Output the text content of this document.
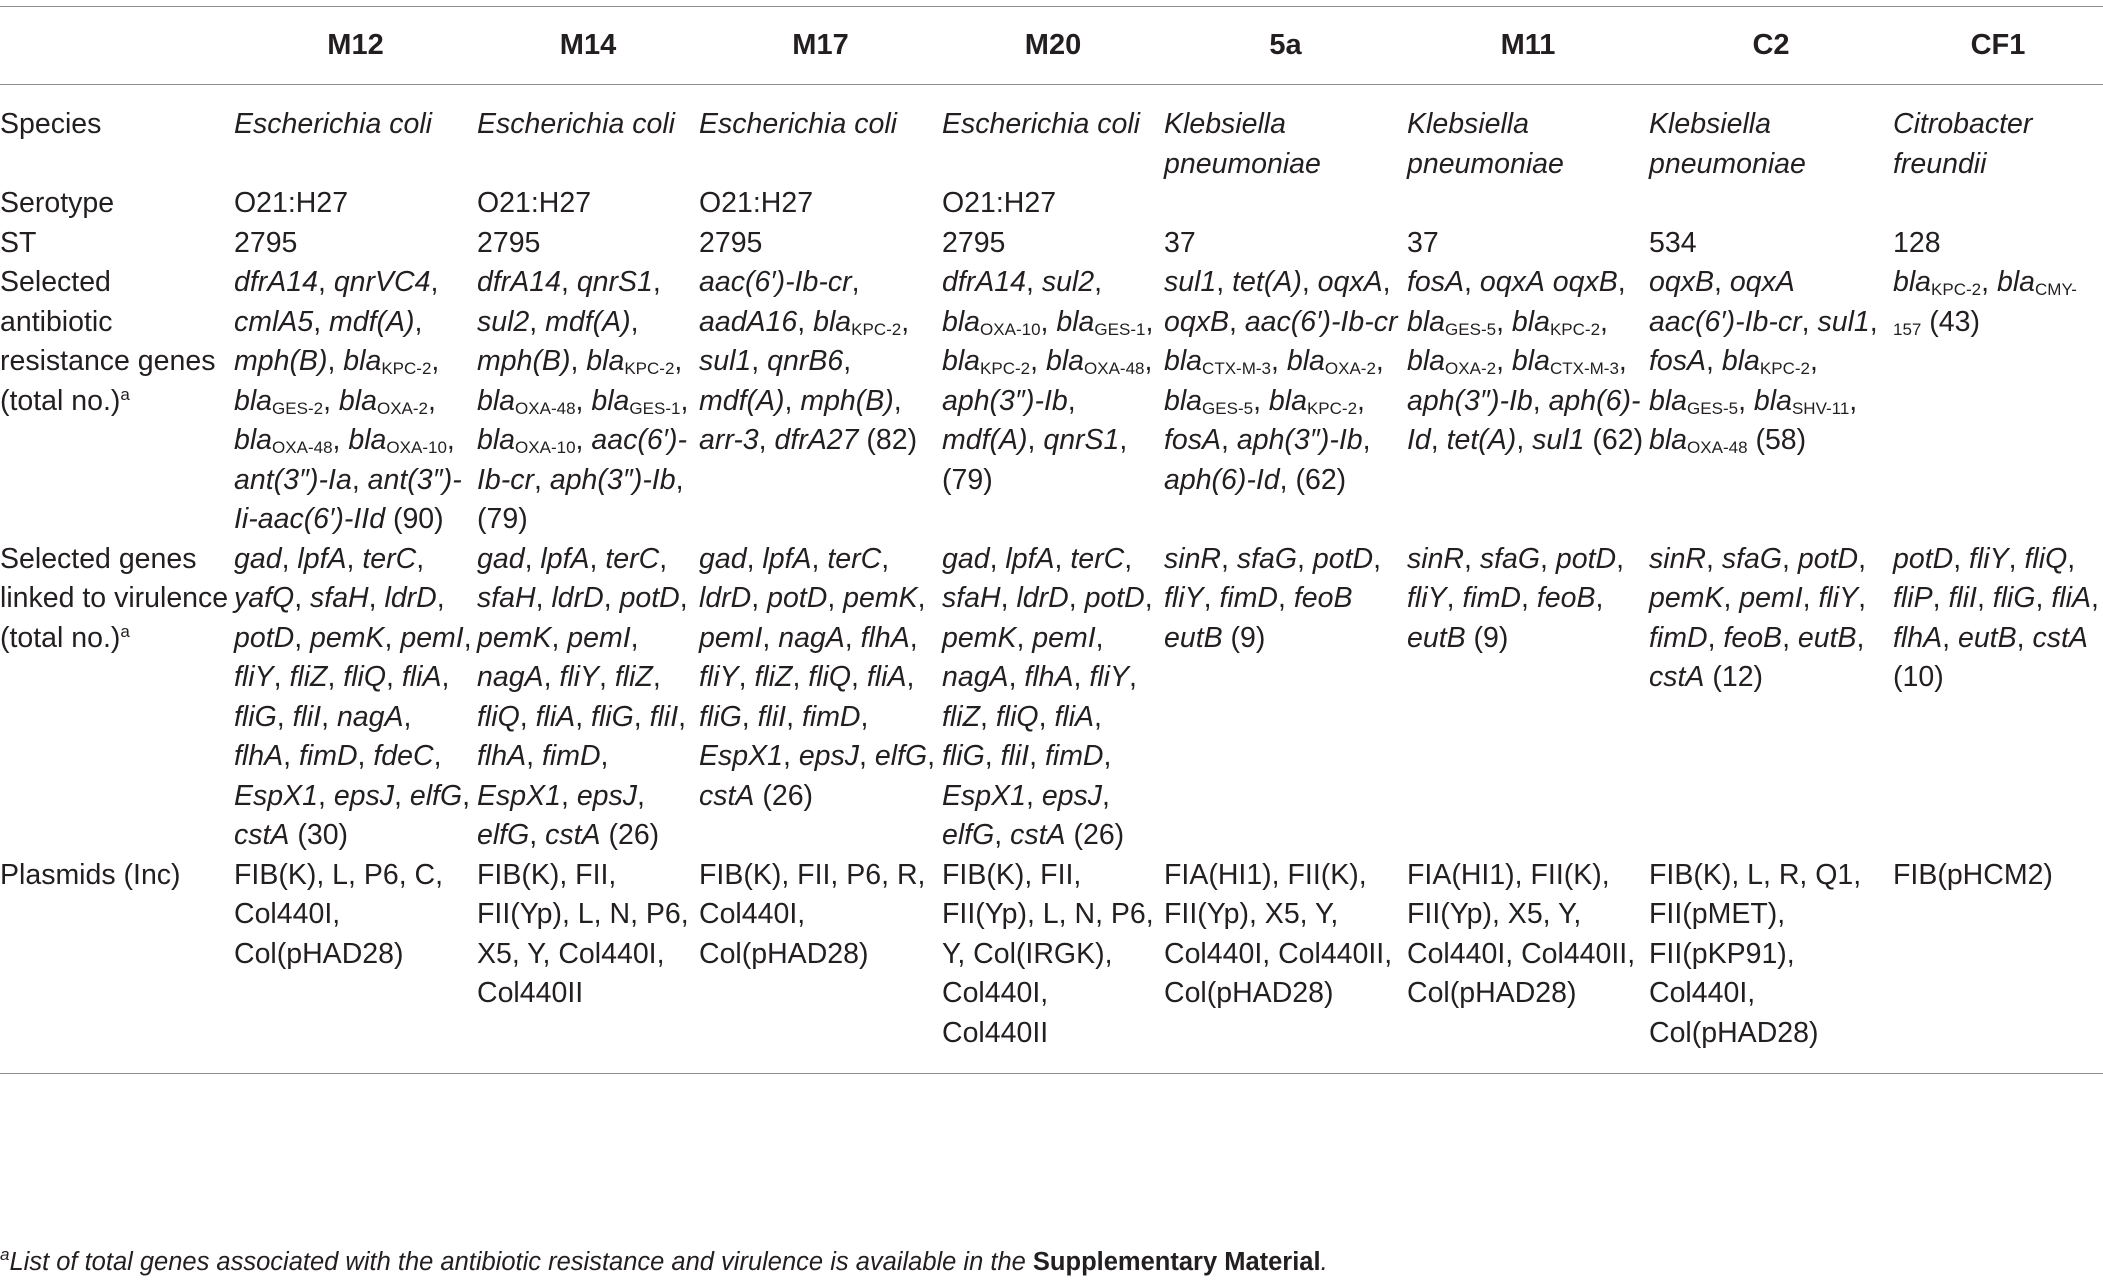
	M12	M14	M17	M20	5a	M11	C2	CF1
Species	Escherichia coli	Escherichia coli	Escherichia coli	Escherichia coli	Klebsiella pneumoniae	Klebsiella pneumoniae	Klebsiella pneumoniae	Citrobacter freundii
Serotype	O21:H27	O21:H27	O21:H27	O21:H27				
ST	2795	2795	2795	2795	37	37	534	128
Selected antibiotic resistance genes (total no.)$^a$	dfrA14, qnrVC4, cmlA5, mdf(A), mph(B), bla$_{KPC-2}$, bla$_{GES-2}$, bla$_{OXA-2}$, bla$_{OXA-48}$, bla$_{OXA-10}$, ant(3″)-Ia, ant(3″)-Ii-aac(6′)-IId (90)	dfrA14, qnrS1, sul2, mdf(A), mph(B), bla$_{KPC-2}$, bla$_{OXA-48}$, bla$_{GES-1}$, bla$_{OXA-10}$, aac(6′)-Ib-cr, aph(3″)-Ib, (79)	aac(6′)-Ib-cr, aadA16, bla$_{KPC-2}$, sul1, qnrB6, mdf(A), mph(B), arr-3, dfrA27 (82)	dfrA14, sul2, bla$_{OXA-10}$, bla$_{GES-1}$, bla$_{KPC-2}$, bla$_{OXA-48}$, aph(3″)-Ib, mdf(A), qnrS1, (79)	sul1, tet(A), oqxA, oqxB, aac(6′)-Ib-cr bla$_{CTX-M-3}$, bla$_{OXA-2}$, bla$_{GES-5}$, bla$_{KPC-2}$, fosA, aph(3″)-Ib, aph(6)-Id, (62)	fosA, oqxA oqxB, bla$_{GES-5}$, bla$_{KPC-2}$, bla$_{OXA-2}$, bla$_{CTX-M-3}$, aph(3″)-Ib, aph(6)-Id, tet(A), sul1 (62)	oqxB, oqxA aac(6′)-Ib-cr, sul1, fosA, bla$_{KPC-2}$, bla$_{GES-5}$, bla$_{SHV-11}$, bla$_{OXA-48}$ (58)	bla$_{KPC-2}$, bla$_{CMY-157}$ (43)
Selected genes linked to virulence (total no.)$^a$	gad, lpfA, terC, yafQ, sfaH, ldrD, potD, pemK, pemI, fliY, fliZ, fliQ, fliA, fliG, fliI, nagA, flhA, fimD, fdeC, EspX1, epsJ, elfG, cstA (30)	gad, lpfA, terC, sfaH, ldrD, potD, pemK, pemI, nagA, fliY, fliZ, fliQ, fliA, fliG, fliI, flhA, fimD, EspX1, epsJ, elfG, cstA (26)	gad, lpfA, terC, ldrD, potD, pemK, pemI, nagA, flhA, fliY, fliZ, fliQ, fliA, fliG, fliI, fimD, EspX1, epsJ, elfG, cstA (26)	gad, lpfA, terC, sfaH, ldrD, potD, pemK, pemI, nagA, flhA, fliY, fliZ, fliQ, fliA, fliG, fliI, fimD, EspX1, epsJ, elfG, cstA (26)	sinR, sfaG, potD, fliY, fimD, feoB eutB (9)	sinR, sfaG, potD, fliY, fimD, feoB, eutB (9)	sinR, sfaG, potD, pemK, pemI, fliY, fimD, feoB, eutB, cstA (12)	potD, fliY, fliQ, fliP, fliI, fliG, fliA, flhA, eutB, cstA (10)
Plasmids (Inc)	FIB(K), L, P6, C, Col440I, Col(pHAD28)	FIB(K), FII, FII(Yp), L, N, P6, X5, Y, Col440I, Col440II	FIB(K), FII, P6, R, Col440I, Col(pHAD28)	FIB(K), FII, FII(Yp), L, N, P6, Y, Col(IRGK), Col440I, Col440II	FIA(HI1), FII(K), FII(Yp), X5, Y, Col440I, Col440II, Col(pHAD28)	FIA(HI1), FII(K), FII(Yp), X5, Y, Col440I, Col440II, Col(pHAD28)	FIB(K), L, R, Q1, FII(pMET), FII(pKP91), Col440I, Col(pHAD28)	FIB(pHCM2)
$^a$List of total genes associated with the antibiotic resistance and virulence is available in the Supplementary Material.
